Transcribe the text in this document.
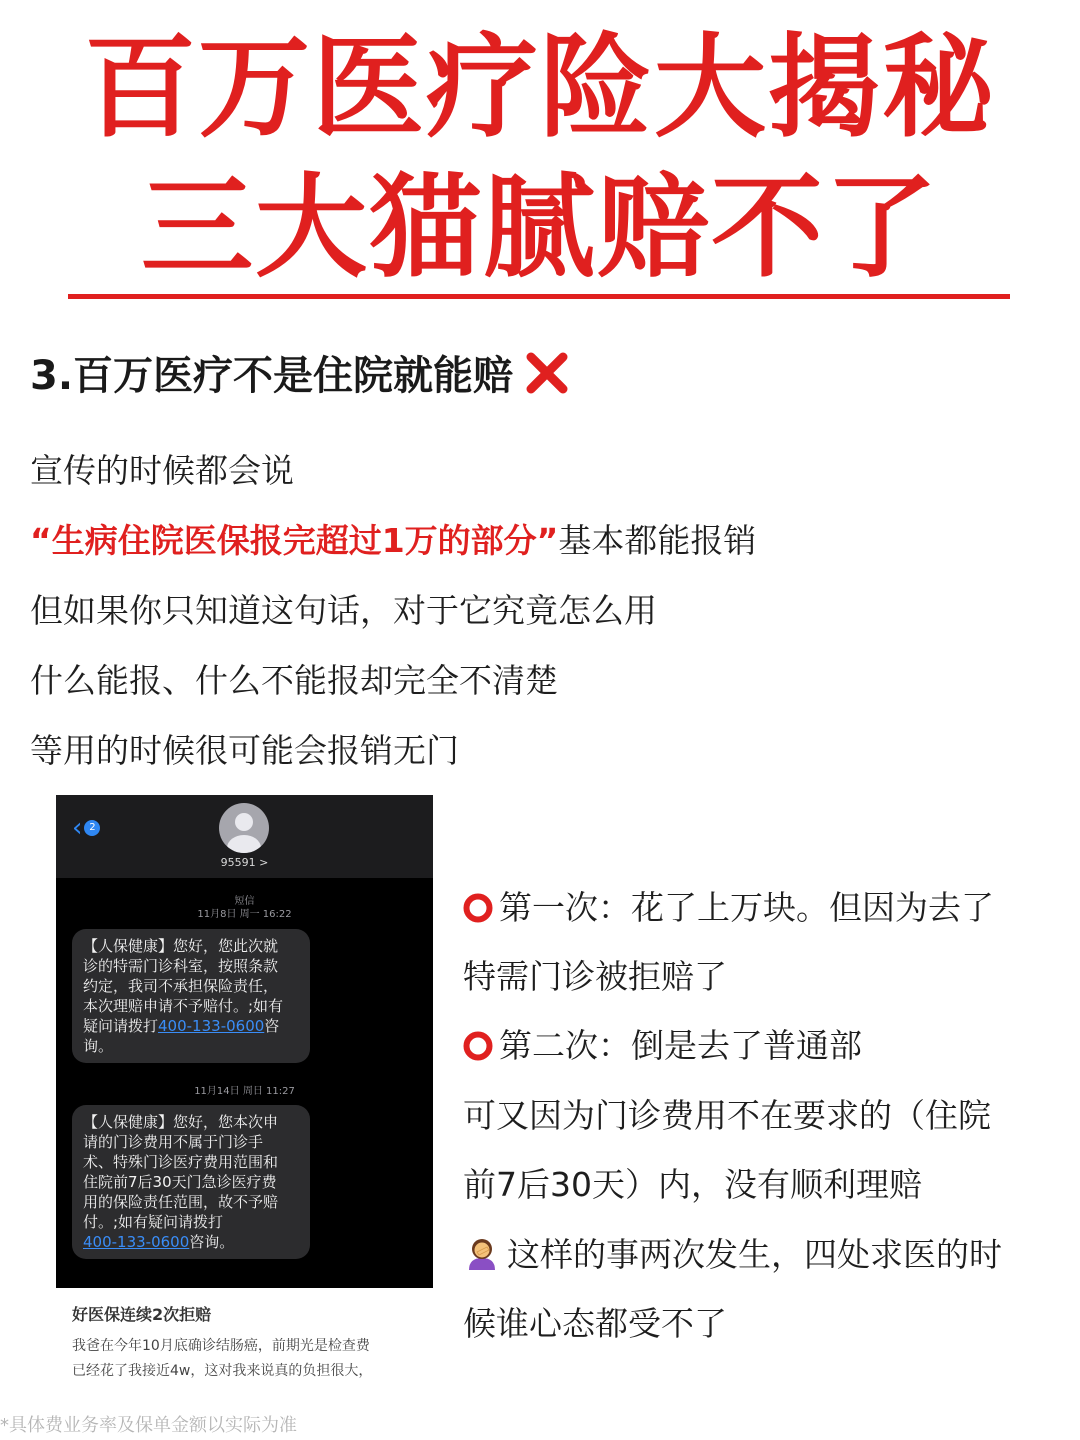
百万医疗险大揭秘
三大猫腻赔不了
3.百万医疗不是住院就能赔
宣传的时候都会说
“生病住院医保报完超过1万的部分”基本都能报销
但如果你只知道这句话，对于它究竟怎么用
什么能报、什么不能报却完全不清楚
等用的时候很可能会报销无门
‹ 2
95591 >
短信
11月8日 周一 16:22
【人保健康】您好，您此次就
诊的特需门诊科室，按照条款
约定，我司不承担保险责任，
本次理赔申请不予赔付。;如有
疑问请拨打400-133-0600咨
询。
11月14日 周日 11:27
【人保健康】您好，您本次申
请的门诊费用不属于门诊手
术、特殊门诊医疗费用范围和
住院前7后30天门急诊医疗费
用的保险责任范围，故不予赔
付。;如有疑问请拨打
400-133-0600咨询。
好医保连续2次拒赔
我爸在今年10月底确诊结肠癌，前期光是检查费
已经花了我接近4w，这对我来说真的负担很大，
第一次：花了上万块。但因为去了
特需门诊被拒赔了
第二次：倒是去了普通部
可又因为门诊费用不在要求的（住院
前7后30天）内，没有顺利理赔
这样的事两次发生，四处求医的时
候谁心态都受不了
*具体费业务率及保单金额以实际为准
